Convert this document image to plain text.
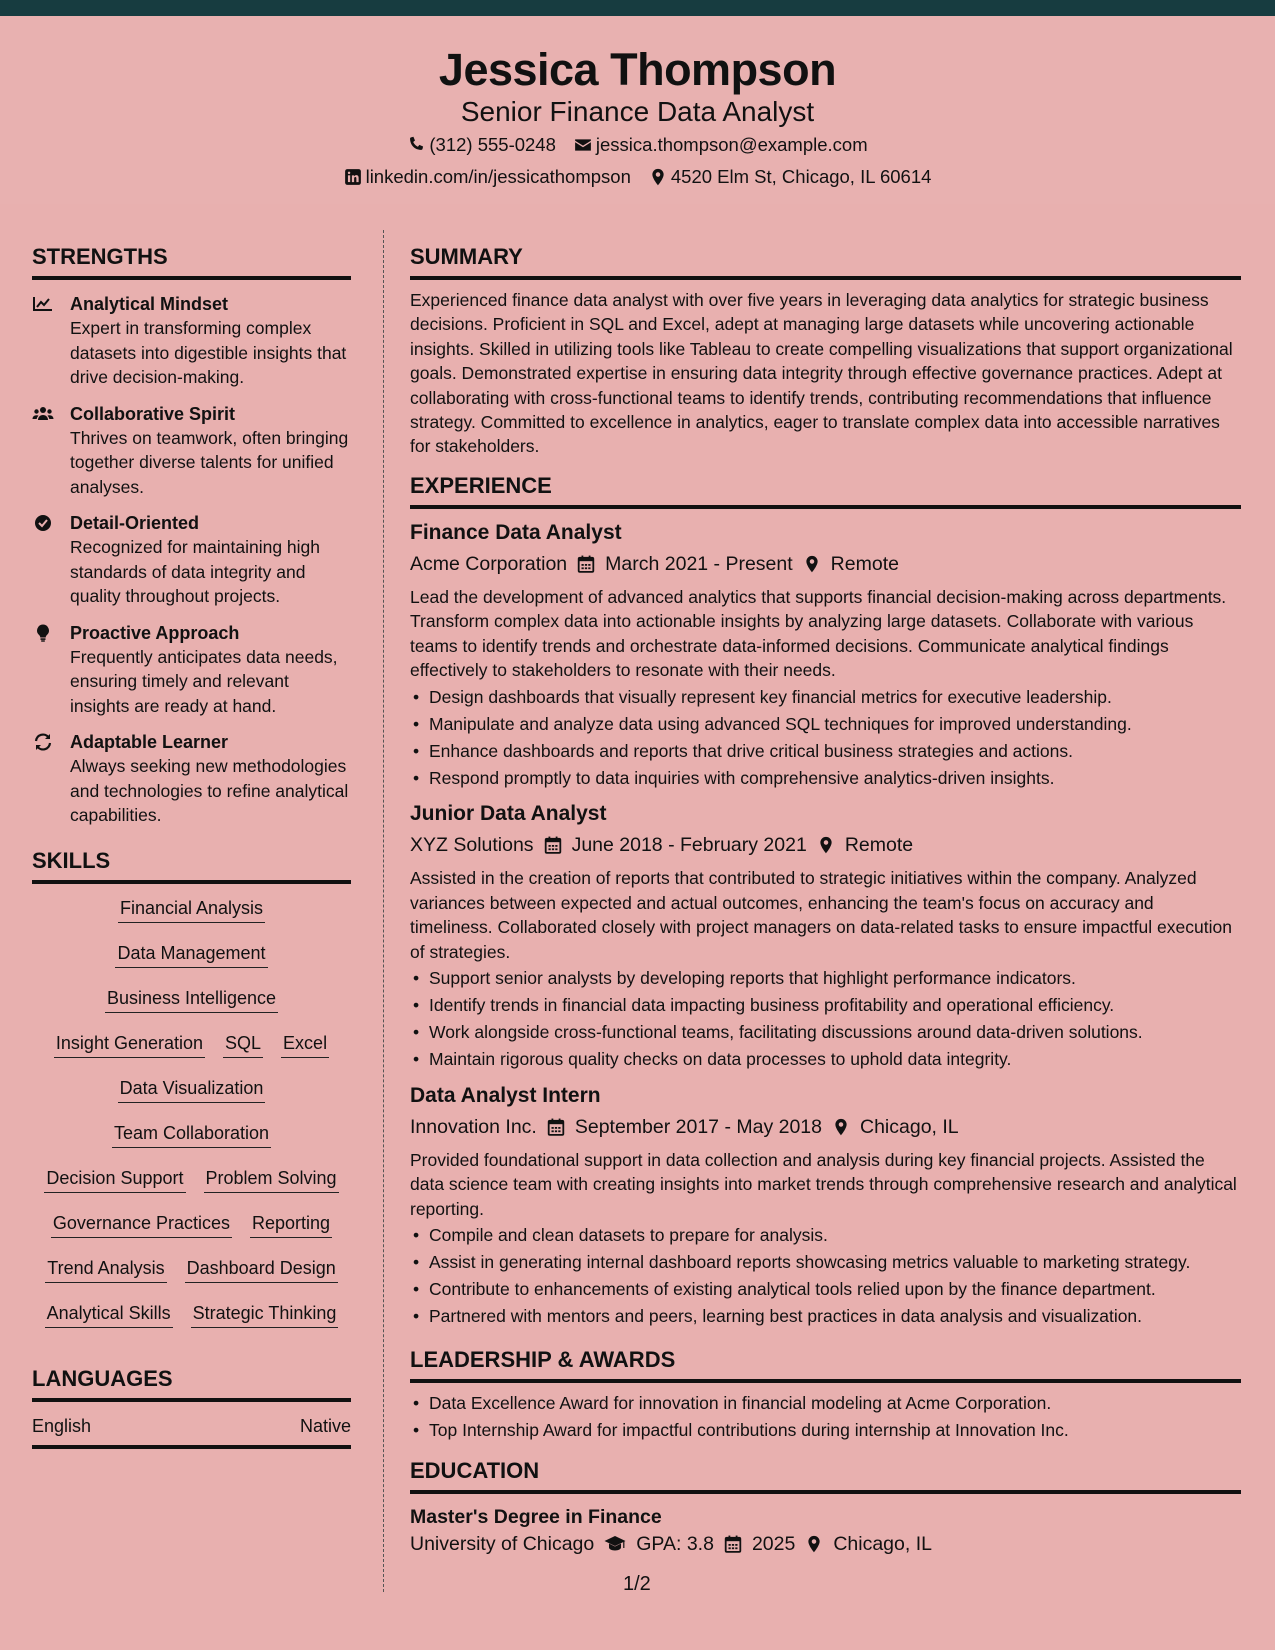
Jessica Thompson
Senior Finance Data Analyst
(312) 555-0248 jessica.thompson@example.com
linkedin.com/in/jessicathompson 4520 Elm St, Chicago, IL 60614
STRENGTHS
Analytical Mindset
Expert in transforming complex datasets into digestible insights that drive decision-making.
Collaborative Spirit
Thrives on teamwork, often bringing together diverse talents for unified analyses.
Detail-Oriented
Recognized for maintaining high standards of data integrity and quality throughout projects.
Proactive Approach
Frequently anticipates data needs, ensuring timely and relevant insights are ready at hand.
Adaptable Learner
Always seeking new methodologies and technologies to refine analytical capabilities.
SKILLS
Financial Analysis
Data Management
Business Intelligence
Insight Generation SQL Excel
Data Visualization
Team Collaboration
Decision Support Problem Solving
Governance Practices Reporting
Trend Analysis Dashboard Design
Analytical Skills Strategic Thinking
LANGUAGES
English	Native
SUMMARY
Experienced finance data analyst with over five years in leveraging data analytics for strategic business decisions. Proficient in SQL and Excel, adept at managing large datasets while uncovering actionable insights. Skilled in utilizing tools like Tableau to create compelling visualizations that support organizational goals. Demonstrated expertise in ensuring data integrity through effective governance practices. Adept at collaborating with cross-functional teams to identify trends, contributing recommendations that influence strategy. Committed to excellence in analytics, eager to translate complex data into accessible narratives for stakeholders.
EXPERIENCE
Finance Data Analyst
Acme Corporation March 2021 - Present Remote
Lead the development of advanced analytics that supports financial decision-making across departments. Transform complex data into actionable insights by analyzing large datasets. Collaborate with various teams to identify trends and orchestrate data-informed decisions. Communicate analytical findings effectively to stakeholders to resonate with their needs.
• Design dashboards that visually represent key financial metrics for executive leadership.
• Manipulate and analyze data using advanced SQL techniques for improved understanding.
• Enhance dashboards and reports that drive critical business strategies and actions.
• Respond promptly to data inquiries with comprehensive analytics-driven insights.
Junior Data Analyst
XYZ Solutions June 2018 - February 2021 Remote
Assisted in the creation of reports that contributed to strategic initiatives within the company. Analyzed variances between expected and actual outcomes, enhancing the team's focus on accuracy and timeliness. Collaborated closely with project managers on data-related tasks to ensure impactful execution of strategies.
• Support senior analysts by developing reports that highlight performance indicators.
• Identify trends in financial data impacting business profitability and operational efficiency.
• Work alongside cross-functional teams, facilitating discussions around data-driven solutions.
• Maintain rigorous quality checks on data processes to uphold data integrity.
Data Analyst Intern
Innovation Inc. September 2017 - May 2018 Chicago, IL
Provided foundational support in data collection and analysis during key financial projects. Assisted the data science team with creating insights into market trends through comprehensive research and analytical reporting.
• Compile and clean datasets to prepare for analysis.
• Assist in generating internal dashboard reports showcasing metrics valuable to marketing strategy.
• Contribute to enhancements of existing analytical tools relied upon by the finance department.
• Partnered with mentors and peers, learning best practices in data analysis and visualization.
LEADERSHIP & AWARDS
• Data Excellence Award for innovation in financial modeling at Acme Corporation.
• Top Internship Award for impactful contributions during internship at Innovation Inc.
EDUCATION
Master's Degree in Finance
University of Chicago GPA: 3.8 2025 Chicago, IL
1/2
